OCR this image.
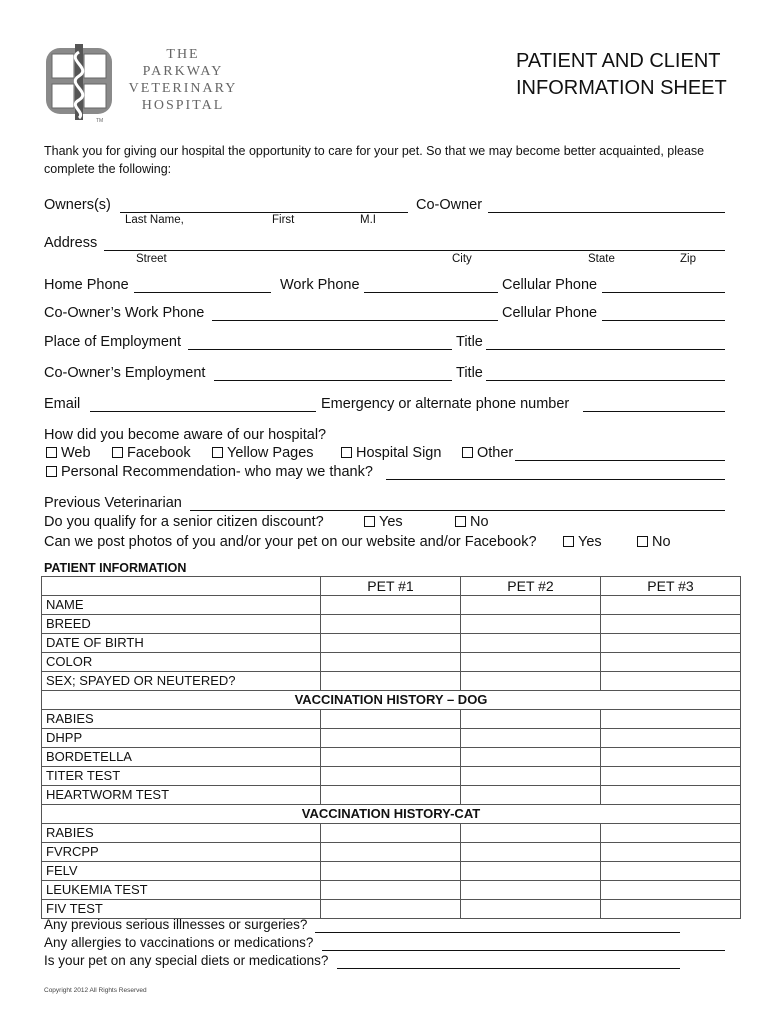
THE
PARKWAY
VETERINARY
HOSPITAL
TM
PATIENT AND CLIENT
INFORMATION SHEET
Thank you for giving our hospital the opportunity to care for your pet. So that we may become better acquainted, please complete the following:
Owners(s)	Co-Owner
Last Name,	First	M.I
Address
Street	City	State	Zip
Home Phone	Work Phone	Cellular Phone
Co-Owner’s Work Phone	Cellular Phone
Place of Employment	Title
Co-Owner’s Employment	Title
Email	Emergency or alternate phone number
How did you become aware of our hospital?
Web	Facebook	Yellow Pages	Hospital Sign	Other
Personal Recommendation- who may we thank?
Previous Veterinarian
Do you qualify for a senior citizen discount?	Yes	No
Can we post photos of you and/or your pet on our website and/or Facebook?	Yes	No
PATIENT INFORMATION
	PET #1	PET #2	PET #3
NAME			
BREED			
DATE OF BIRTH			
COLOR			
SEX; SPAYED OR NEUTERED?			
VACCINATION HISTORY – DOG			
RABIES			
DHPP			
BORDETELLA			
TITER TEST			
HEARTWORM TEST			
VACCINATION HISTORY-CAT			
RABIES			
FVRCPP			
FELV			
LEUKEMIA TEST			
FIV TEST			
Any previous serious illnesses or surgeries?
Any allergies to vaccinations or medications?
Is your pet on any special diets or medications?
Copyright 2012 All Rights Reserved
